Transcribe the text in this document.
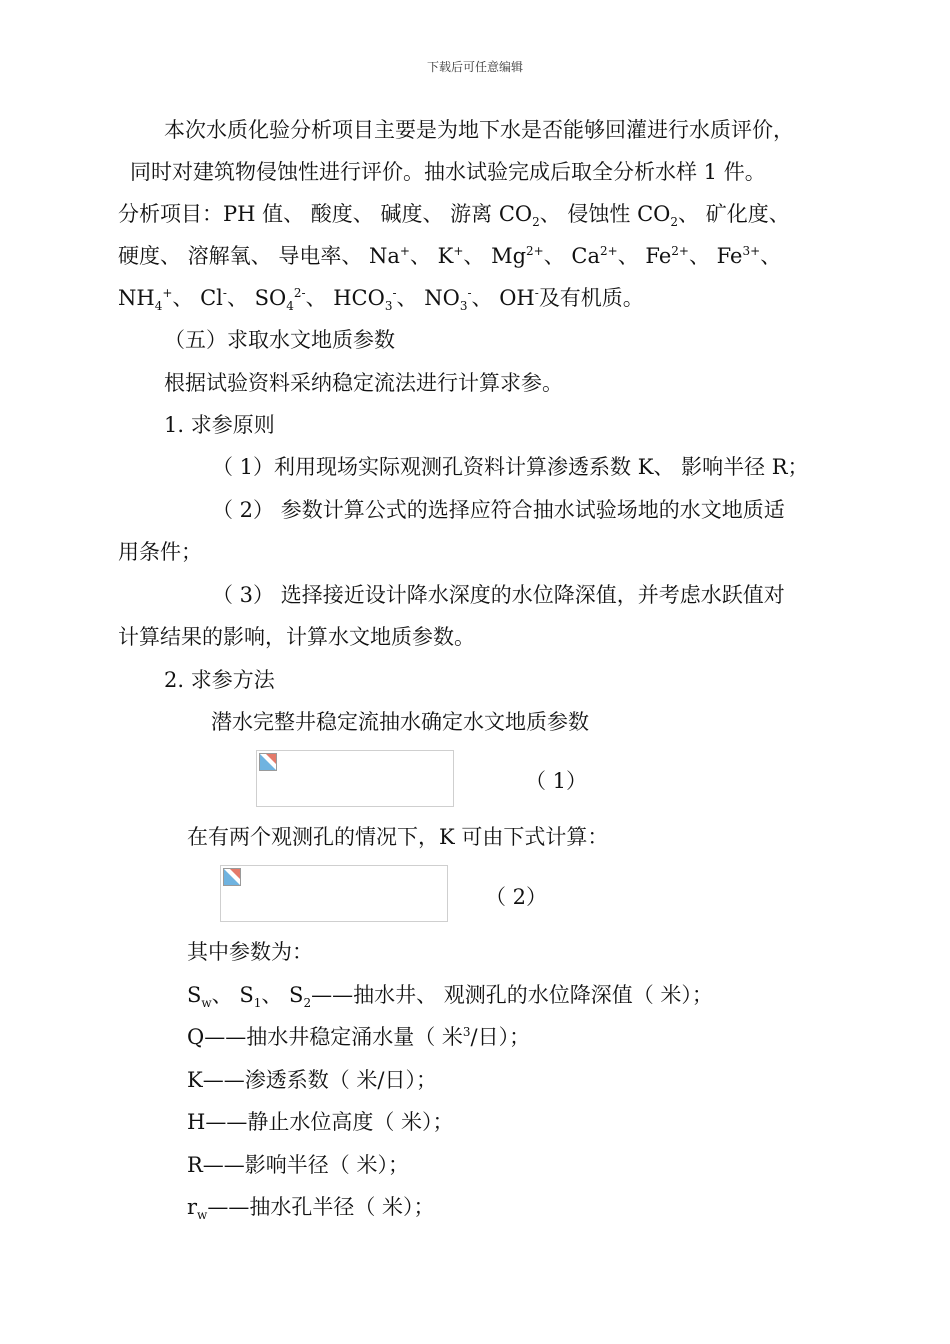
下载后可任意编辑
本次水质化验分析项目主要是为地下水是否能够回灌进行水质评价，
同时对建筑物侵蚀性进行评价。抽水试验完成后取全分析水样 1 件。
分析项目：PH 值、 酸度、 碱度、 游离 $CO_2$、 侵蚀性 $CO_2$、 矿化度、
硬度、 溶解氧、 导电率、 Na+、 K+、 $Mg^{2+}$、 $Ca^{2+}$、 $Fe^{2+}$、 $Fe^{3+}$、
$NH_4^+$、 Cl-、 $SO_4^{2-}$、 $HCO_3^-$、 $NO_3^-$、 OH-及有机质。
（五）求取水文地质参数
根据试验资料采纳稳定流法进行计算求参。
1. 求参原则
（ 1）利用现场实际观测孔资料计算渗透系数 K、 影响半径 R；
（ 2） 参数计算公式的选择应符合抽水试验场地的水文地质适
用条件；
（ 3） 选择接近设计降水深度的水位降深值，并考虑水跃值对
计算结果的影响，计算水文地质参数。
2. 求参方法
潜水完整井稳定流抽水确定水文地质参数
（ 1）
在有两个观测孔的情况下，K 可由下式计算：
（ 2）
其中参数为：
$S_w$、 $S_1$、 $S_2——$抽水井、 观测孔的水位降深值（ 米）；
Q——抽水井稳定涌水量（ 米$^3$/日）；
K——渗透系数（ 米/日）；
H——静止水位高度（ 米）；
R——影响半径（ 米）；
$r_w——$抽水孔半径（ 米）；
